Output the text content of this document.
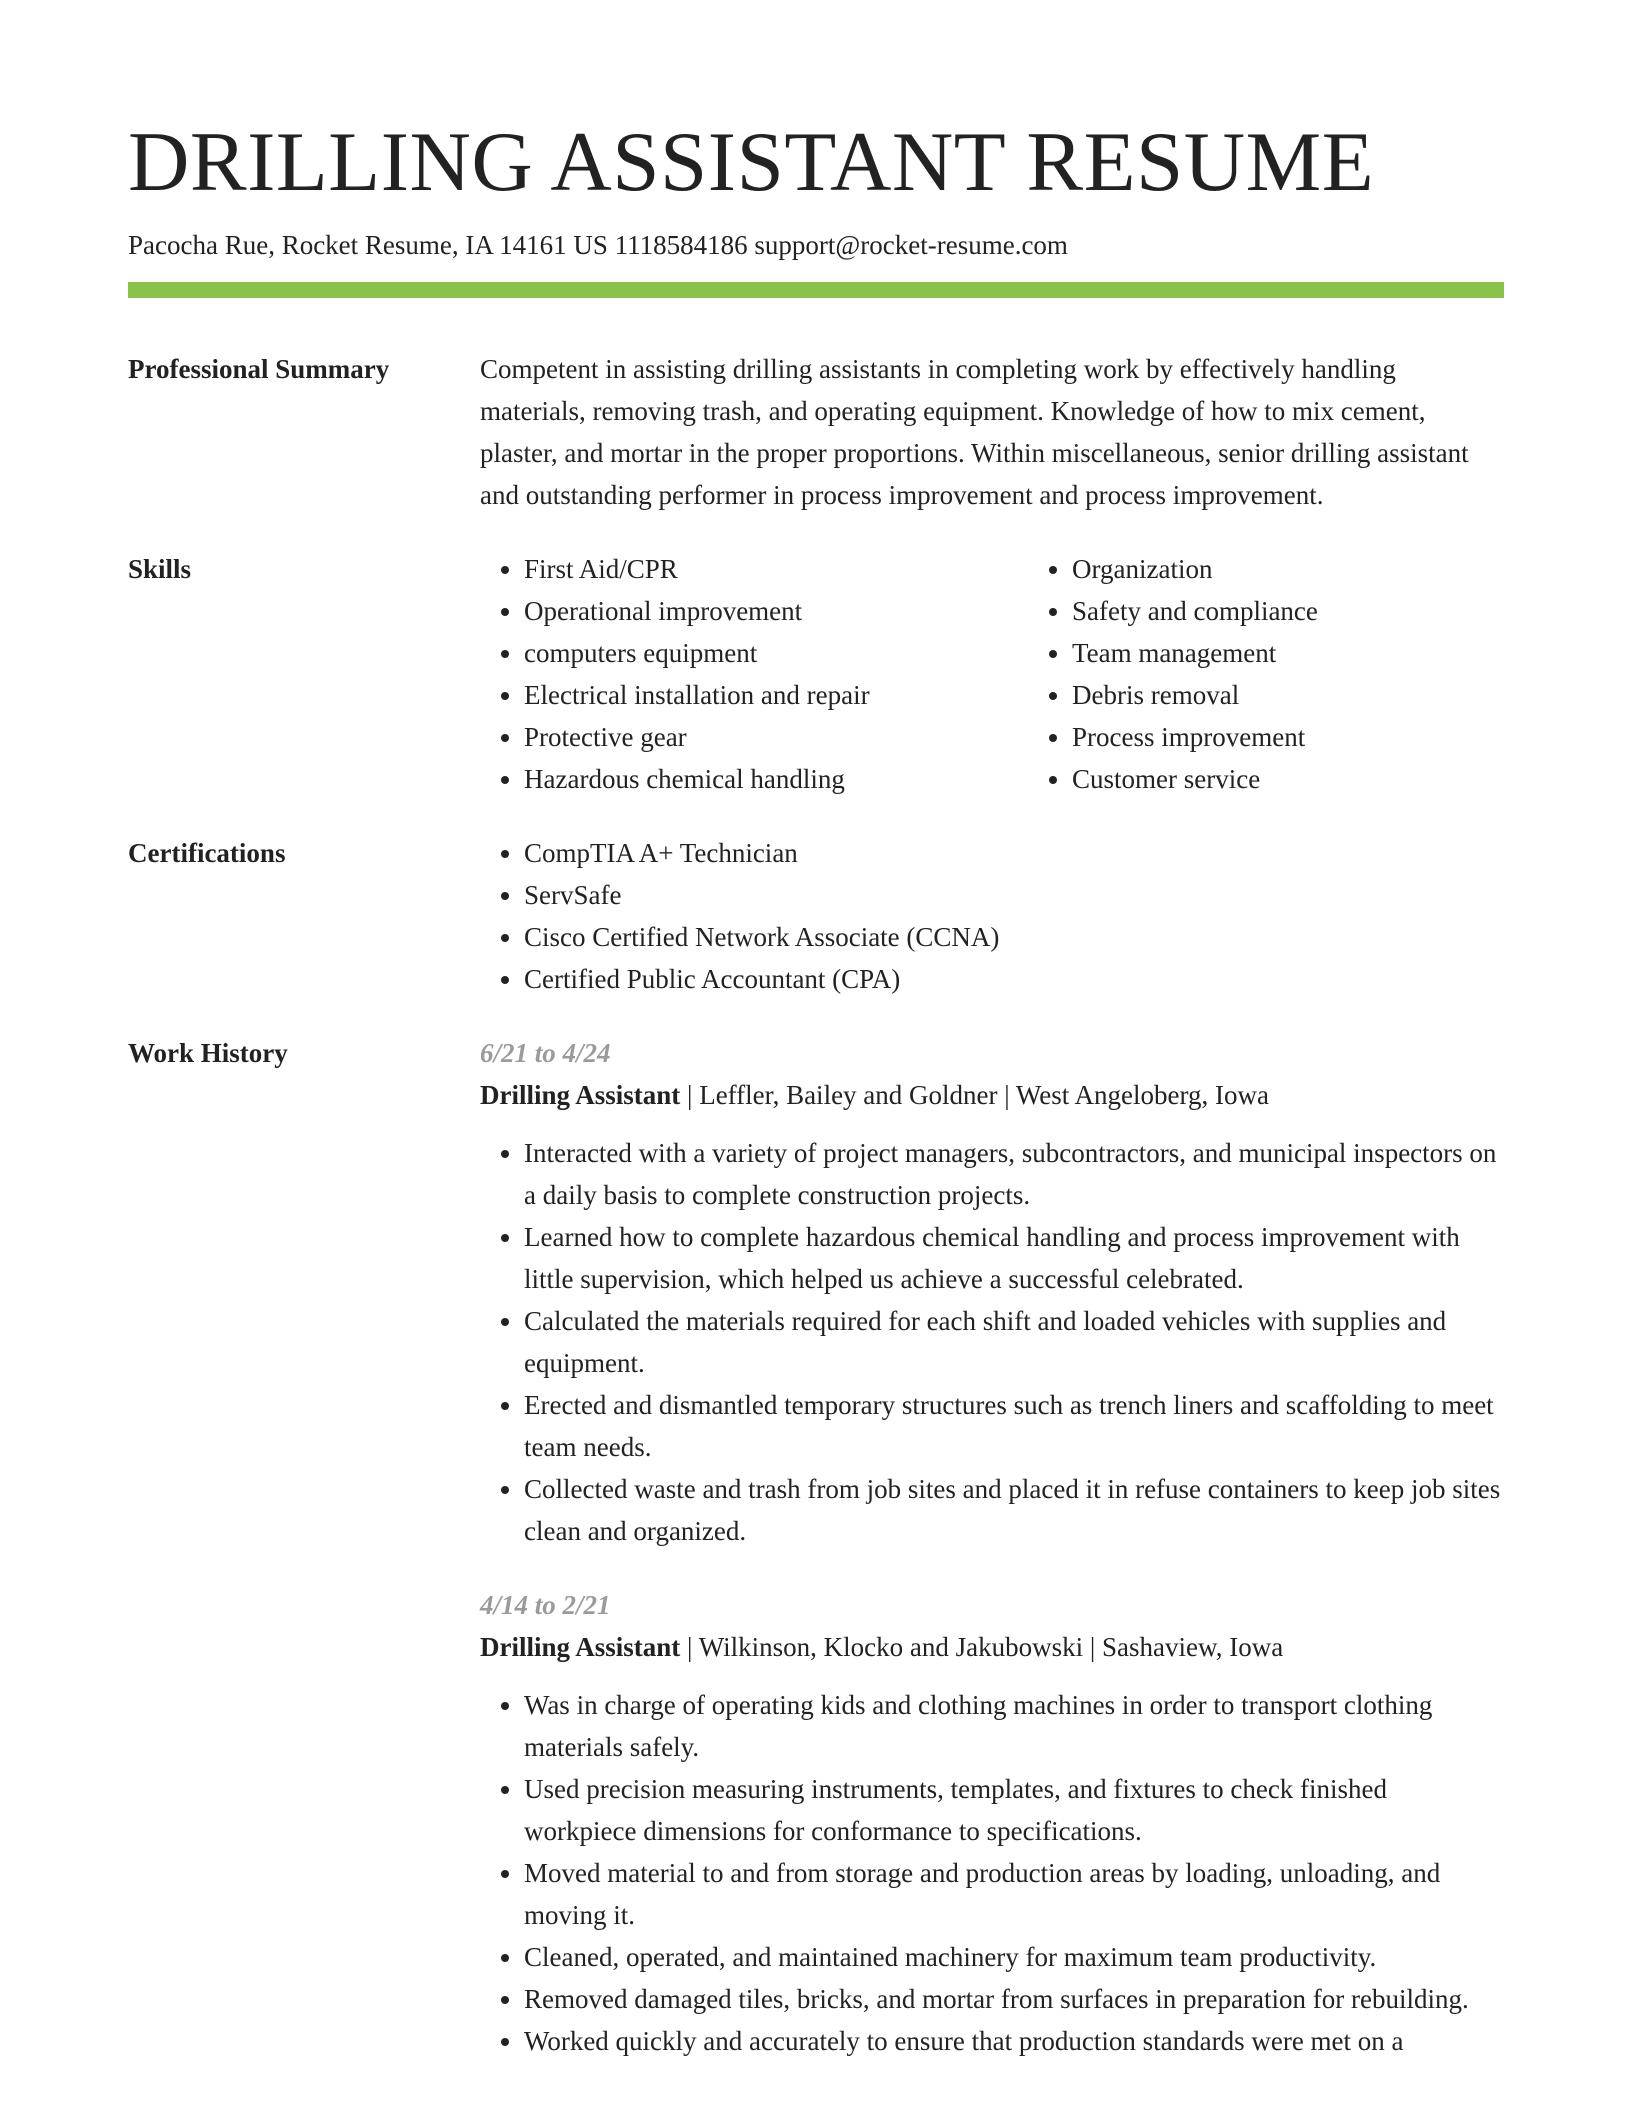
DRILLING ASSISTANT RESUME
Pacocha Rue, Rocket Resume, IA 14161 US 1118584186 support@rocket-resume.com
Professional Summary	Competent in assisting drilling assistants in completing work by effectively handling materials, removing trash, and operating equipment. Knowledge of how to mix cement, plaster, and mortar in the proper proportions. Within miscellaneous, senior drilling assistant and outstanding performer in process improvement and process improvement.

Skills	• First Aid/CPR
• Operational improvement
• computers equipment
• Electrical installation and repair
• Protective gear
• Hazardous chemical handling
• Organization
• Safety and compliance
• Team management
• Debris removal
• Process improvement
• Customer service
Certifications	• CompTIA A+ Technician
• ServSafe
• Cisco Certified Network Associate (CCNA)
• Certified Public Accountant (CPA)
Work History	6/21 to 4/24
Drilling Assistant | Leffler, Bailey and Goldner | West Angeloberg, Iowa
• Interacted with a variety of project managers, subcontractors, and municipal inspectors on a daily basis to complete construction projects.
• Learned how to complete hazardous chemical handling and process improvement with little supervision, which helped us achieve a successful celebrated.
• Calculated the materials required for each shift and loaded vehicles with supplies and equipment.
• Erected and dismantled temporary structures such as trench liners and scaffolding to meet team needs.
• Collected waste and trash from job sites and placed it in refuse containers to keep job sites clean and organized.
4/14 to 2/21
Drilling Assistant | Wilkinson, Klocko and Jakubowski | Sashaview, Iowa
• Was in charge of operating kids and clothing machines in order to transport clothing materials safely.
• Used precision measuring instruments, templates, and fixtures to check finished workpiece dimensions for conformance to specifications.
• Moved material to and from storage and production areas by loading, unloading, and moving it.
• Cleaned, operated, and maintained machinery for maximum team productivity.
• Removed damaged tiles, bricks, and mortar from surfaces in preparation for rebuilding.
• Worked quickly and accurately to ensure that production standards were met on a
